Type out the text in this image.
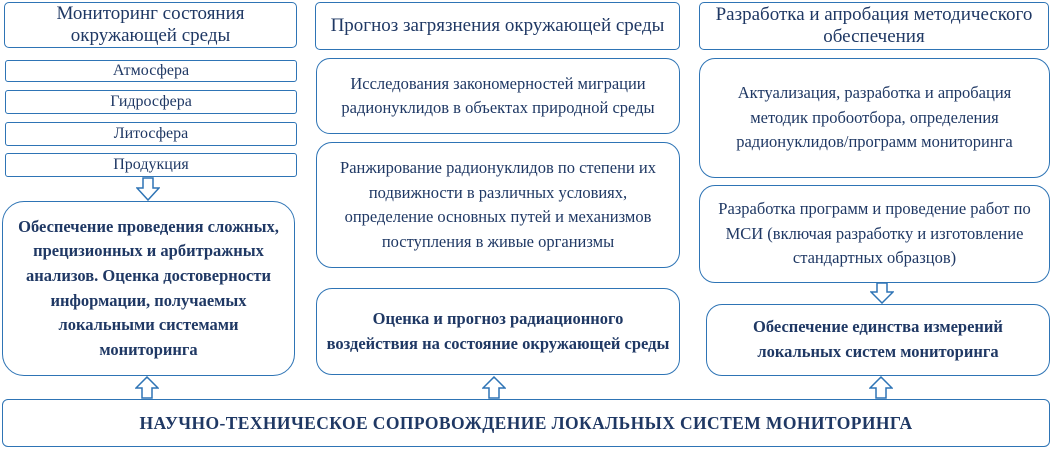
Мониторинг состояния окружающей среды
Атмосфера
Гидросфера
Литосфера
Продукция
Обеспечение проведения сложных, прецизионных и арбитражных анализов. Оценка достоверности информации, получаемых локальными системами мониторинга
Прогноз загрязнения окружающей среды
Исследования закономерностей миграции радионуклидов в объектах природной среды
Ранжирование радионуклидов по степени их подвижности в различных условиях, определение основных путей и механизмов поступления в живые организмы
Оценка и прогноз радиационного воздействия на состояние окружающей среды
Разработка и апробация методического обеспечения
Актуализация, разработка и апробация методик пробоотбора, определения радионуклидов/программ мониторинга
Разработка программ и проведение работ по МСИ (включая разработку и изготовление стандартных образцов)
Обеспечение единства измерений локальных систем мониторинга
НАУЧНО-ТЕХНИЧЕСКОЕ СОПРОВОЖДЕНИЕ ЛОКАЛЬНЫХ СИСТЕМ МОНИТОРИНГА
